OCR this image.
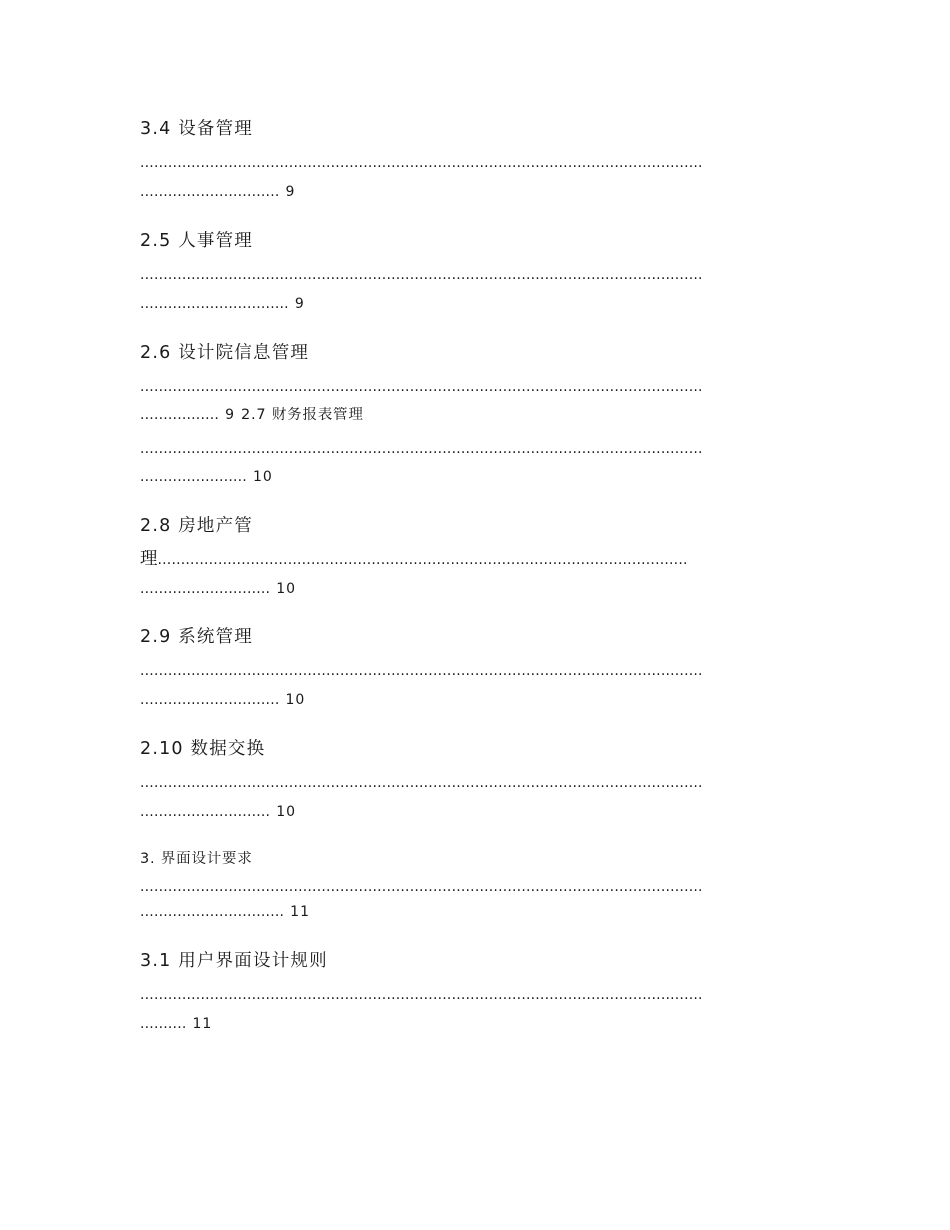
3.4 设备管理
.........................................................................................................................
.............................. 9
2.5 人事管理
.........................................................................................................................
................................ 9
2.6 设计院信息管理
.........................................................................................................................
................. 9 2.7 财务报表管理
.........................................................................................................................
....................... 10
2.8 房地产管
理..................................................................................................................
............................ 10
2.9 系统管理
.........................................................................................................................
.............................. 10
2.10 数据交换
.........................................................................................................................
............................ 10
3. 界面设计要求
.........................................................................................................................
............................... 11
3.1 用户界面设计规则
.........................................................................................................................
.......... 11
